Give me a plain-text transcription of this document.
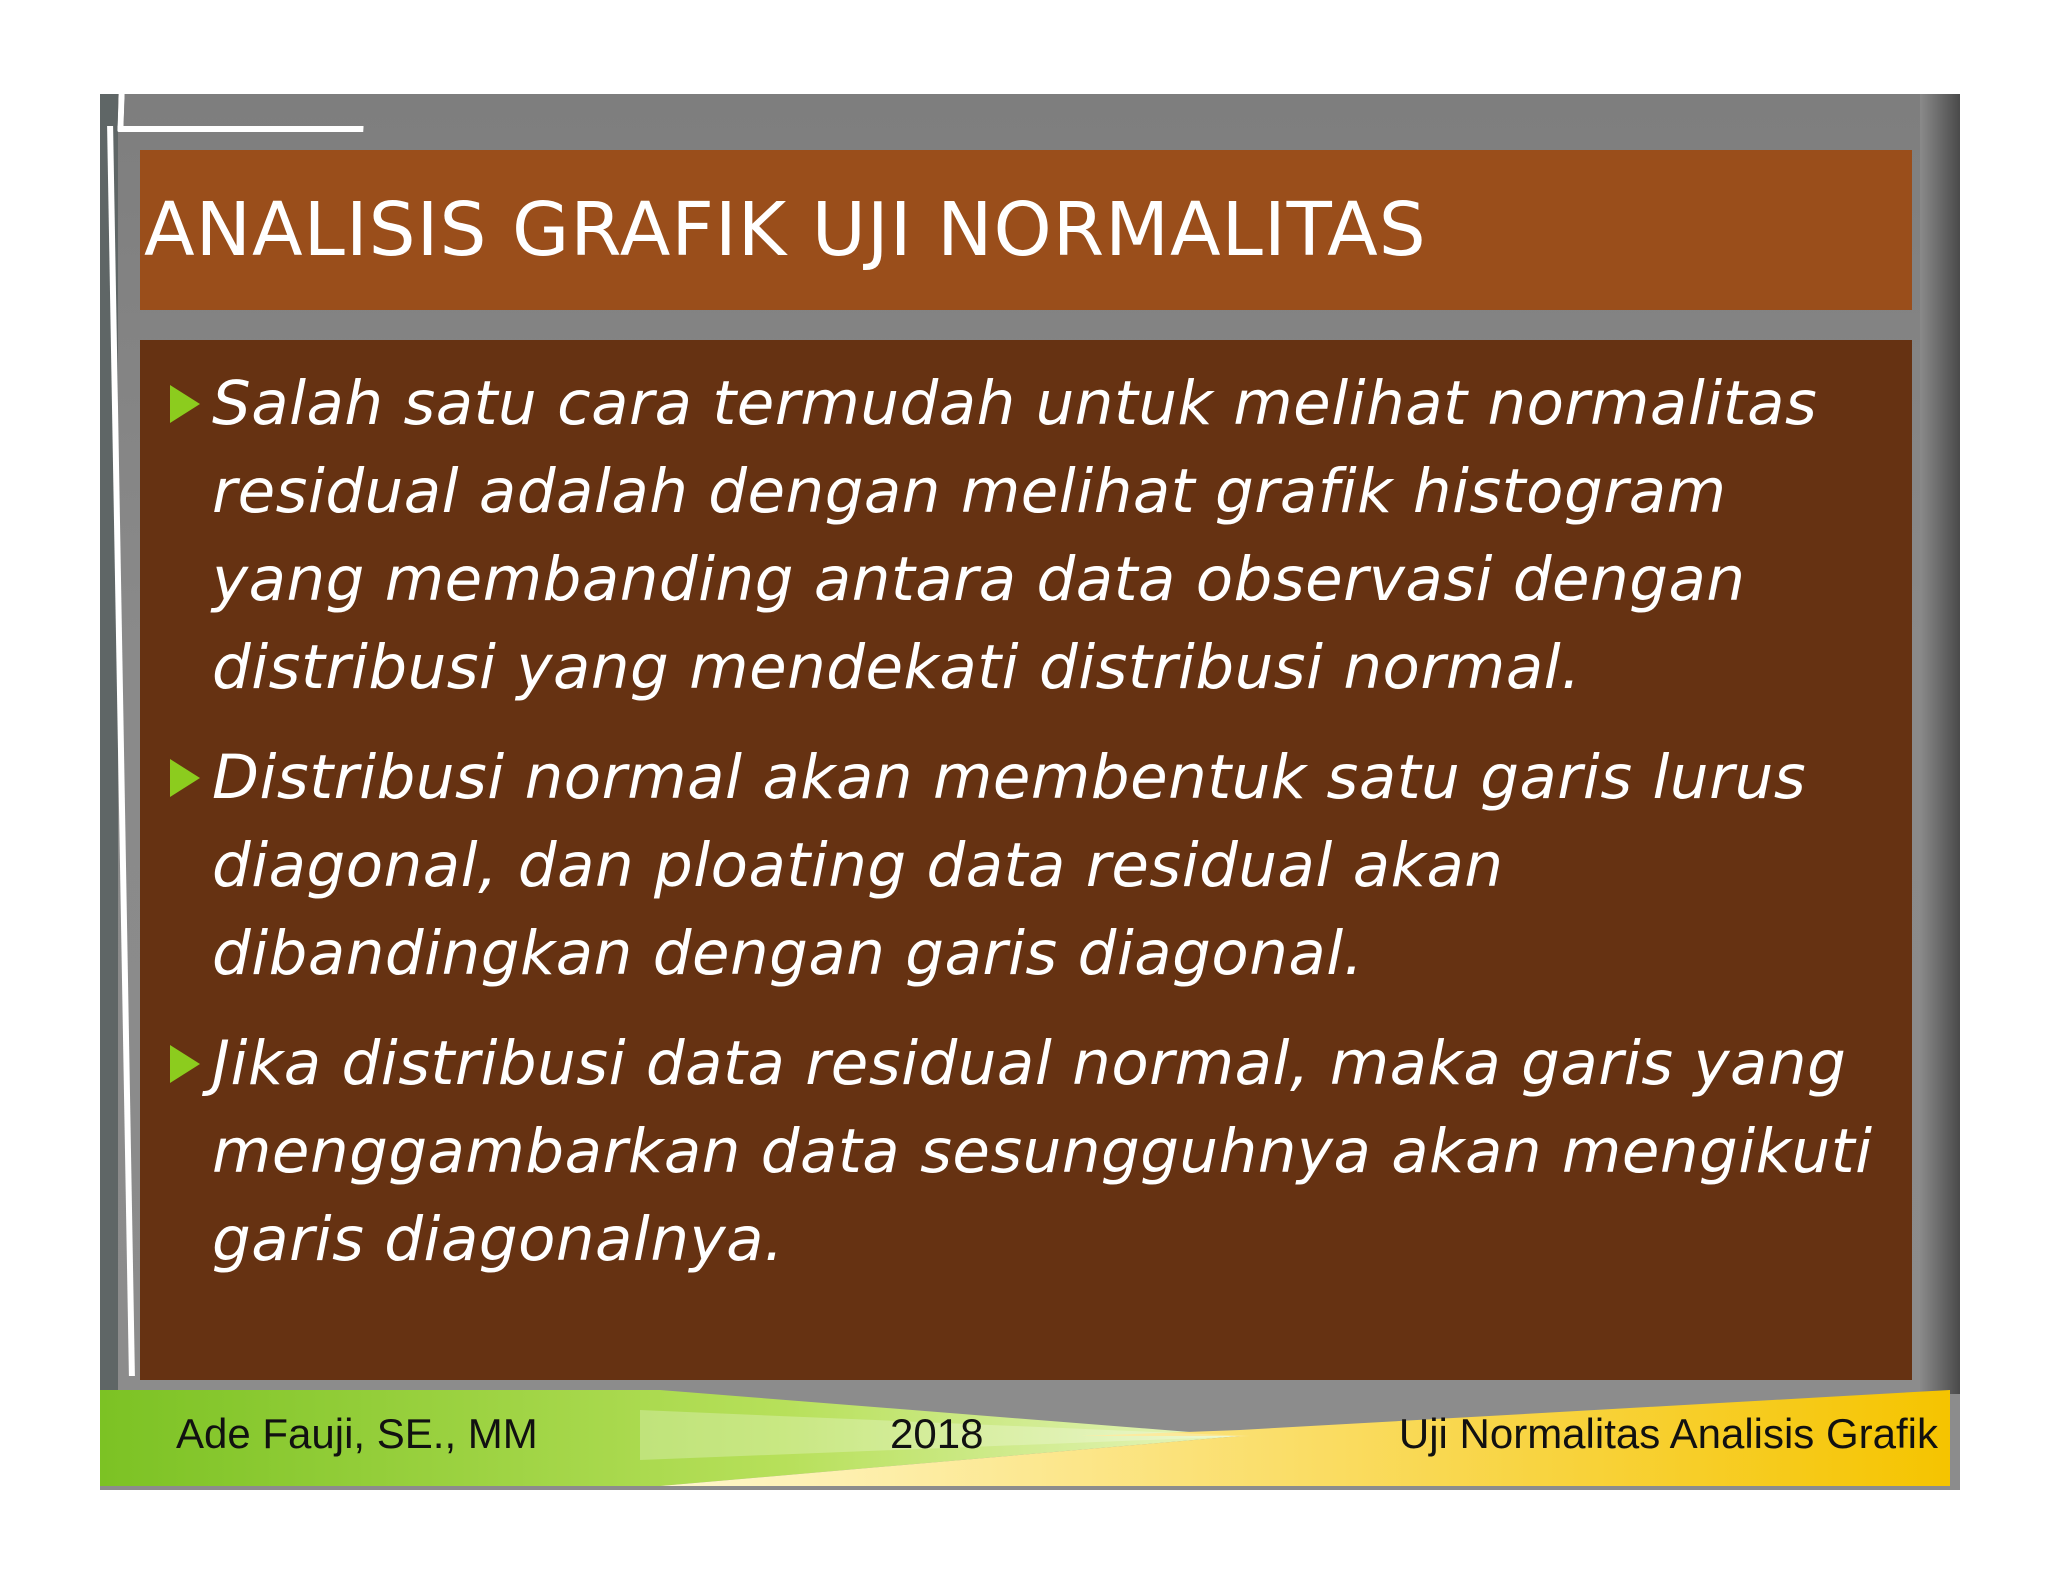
ANALISIS GRAFIK UJI NORMALITAS
Salah satu cara termudah untuk melihat normalitas residual adalah dengan melihat grafik histogram yang membanding antara data observasi dengan distribusi yang mendekati distribusi normal.
Distribusi normal akan membentuk satu garis lurus diagonal, dan ploating data residual akan dibandingkan dengan garis diagonal.
Jika distribusi data residual normal, maka garis yang menggambarkan data sesungguhnya akan mengikuti garis diagonalnya.
Ade Fauji, SE., MM	2018	Uji Normalitas Analisis Grafik
